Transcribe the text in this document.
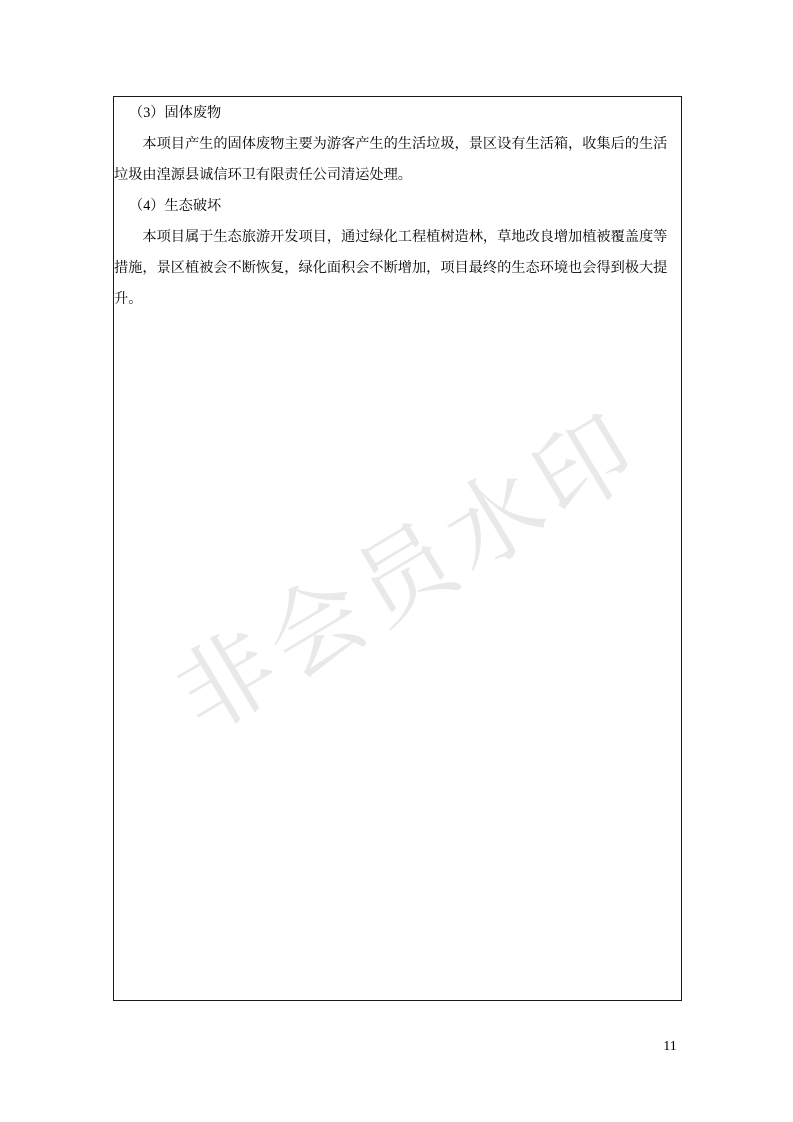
非会员水印

（3）固体废物

本项目产生的固体废物主要为游客产生的生活垃圾，景区设有生活箱，收集后的生活垃圾由湟源县诚信环卫有限责任公司清运处理。

（4）生态破坏

本项目属于生态旅游开发项目，通过绿化工程植树造林，草地改良增加植被覆盖度等措施，景区植被会不断恢复，绿化面积会不断增加，项目最终的生态环境也会得到极大提升。

11
